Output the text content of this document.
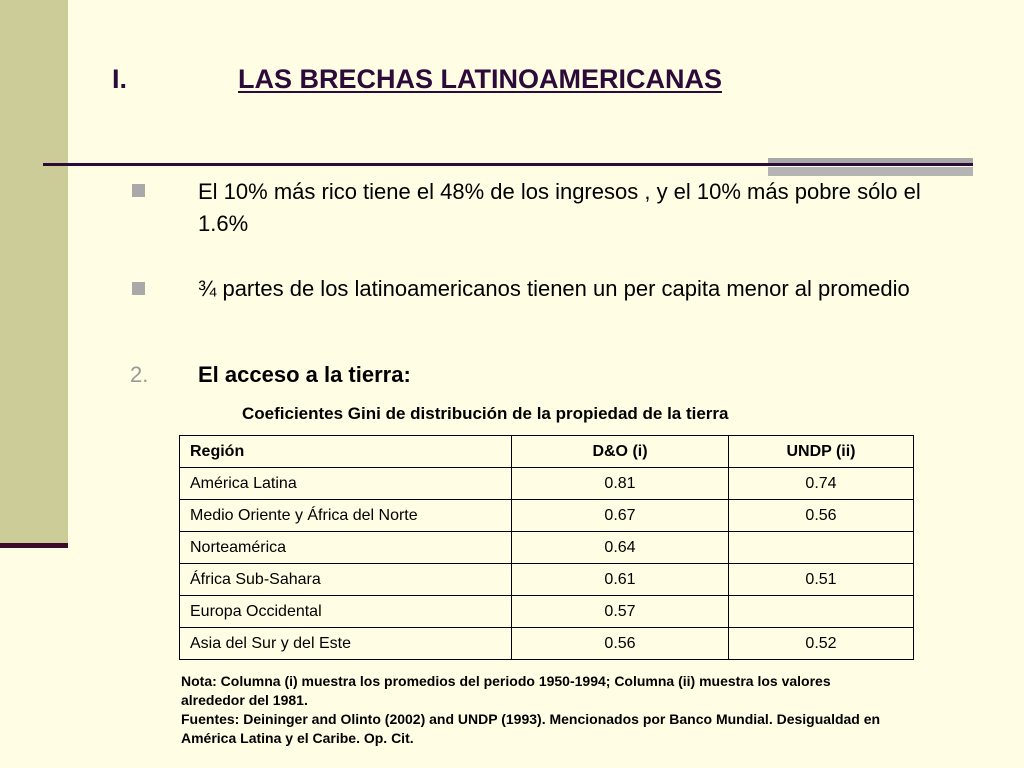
I.	LAS BRECHAS LATINOAMERICANAS
El 10% más rico tiene el 48% de los ingresos , y el 10% más pobre sólo el 1.6%
¾ partes de los latinoamericanos tienen un per capita menor al promedio
2. El acceso a la tierra:
Coeficientes Gini de distribución de la propiedad de la tierra
Región	D&O (i)	UNDP (ii)
América Latina	0.81	0.74
Medio Oriente y África del Norte	0.67	0.56
Norteamérica	0.64	
África Sub-Sahara	0.61	0.51
Europa Occidental	0.57	
Asia del Sur y del Este	0.56	0.52
Nota: Columna (i) muestra los promedios del periodo 1950-1994; Columna (ii) muestra los valores alrededor del 1981.
Fuentes: Deininger and Olinto (2002) and UNDP (1993). Mencionados por Banco Mundial. Desigualdad en América Latina y el Caribe. Op. Cit.
